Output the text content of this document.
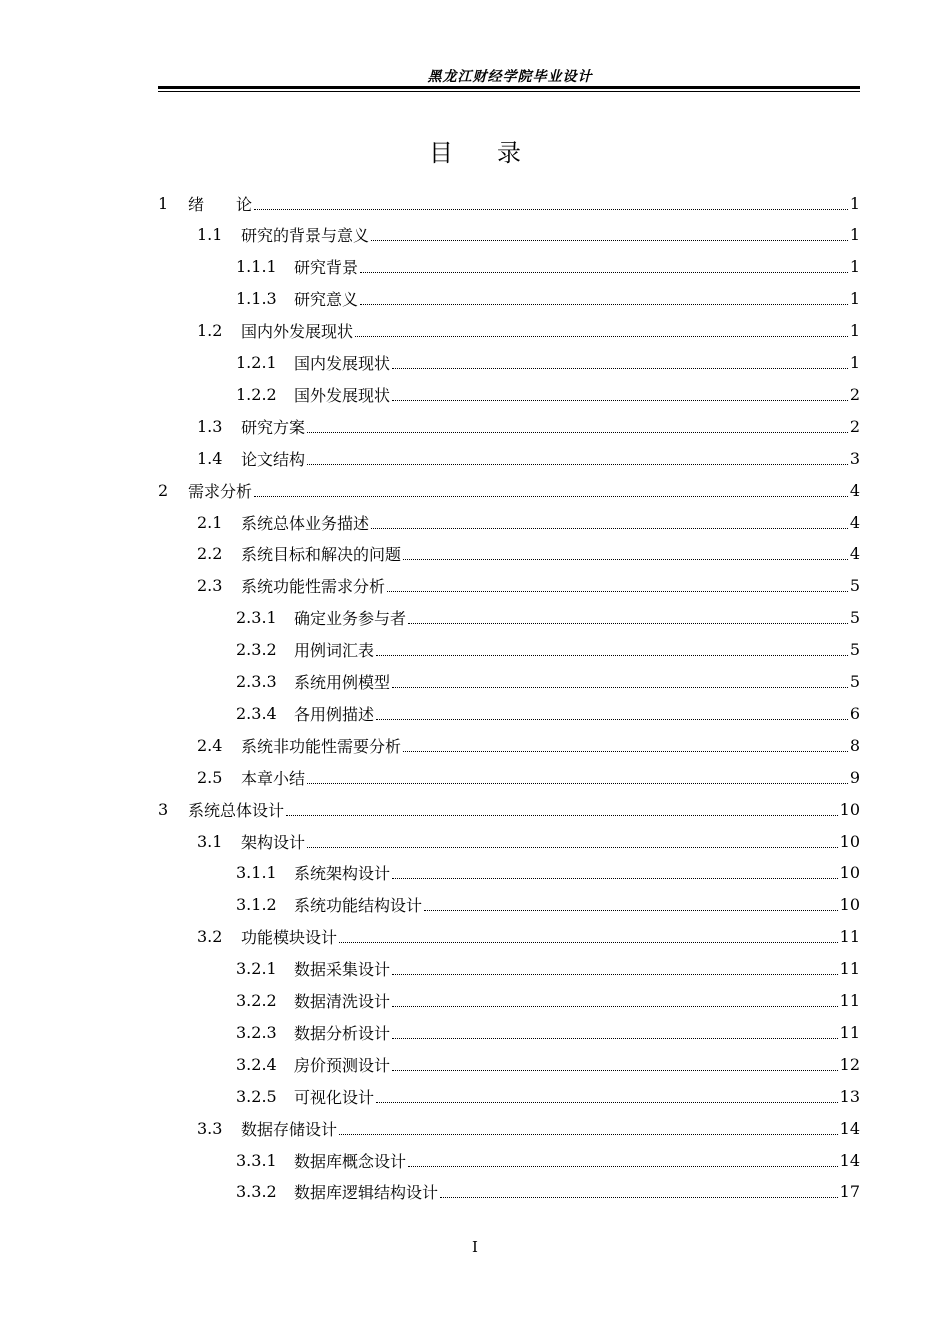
黑龙江财经学院毕业设计
目 录
1	绪　　论	1
1.1	研究的背景与意义	1
1.1.1	研究背景	1
1.1.3	研究意义	1
1.2	国内外发展现状	1
1.2.1	国内发展现状	1
1.2.2	国外发展现状	2
1.3	研究方案	2
1.4	论文结构	3
2	需求分析	4
2.1	系统总体业务描述	4
2.2	系统目标和解决的问题	4
2.3	系统功能性需求分析	5
2.3.1	确定业务参与者	5
2.3.2	用例词汇表	5
2.3.3	系统用例模型	5
2.3.4	各用例描述	6
2.4	系统非功能性需要分析	8
2.5	本章小结	9
3	系统总体设计	10
3.1	架构设计	10
3.1.1	系统架构设计	10
3.1.2	系统功能结构设计	10
3.2	功能模块设计	11
3.2.1	数据采集设计	11
3.2.2	数据清洗设计	11
3.2.3	数据分析设计	11
3.2.4	房价预测设计	12
3.2.5	可视化设计	13
3.3	数据存储设计	14
3.3.1	数据库概念设计	14
3.3.2	数据库逻辑结构设计	17
I
